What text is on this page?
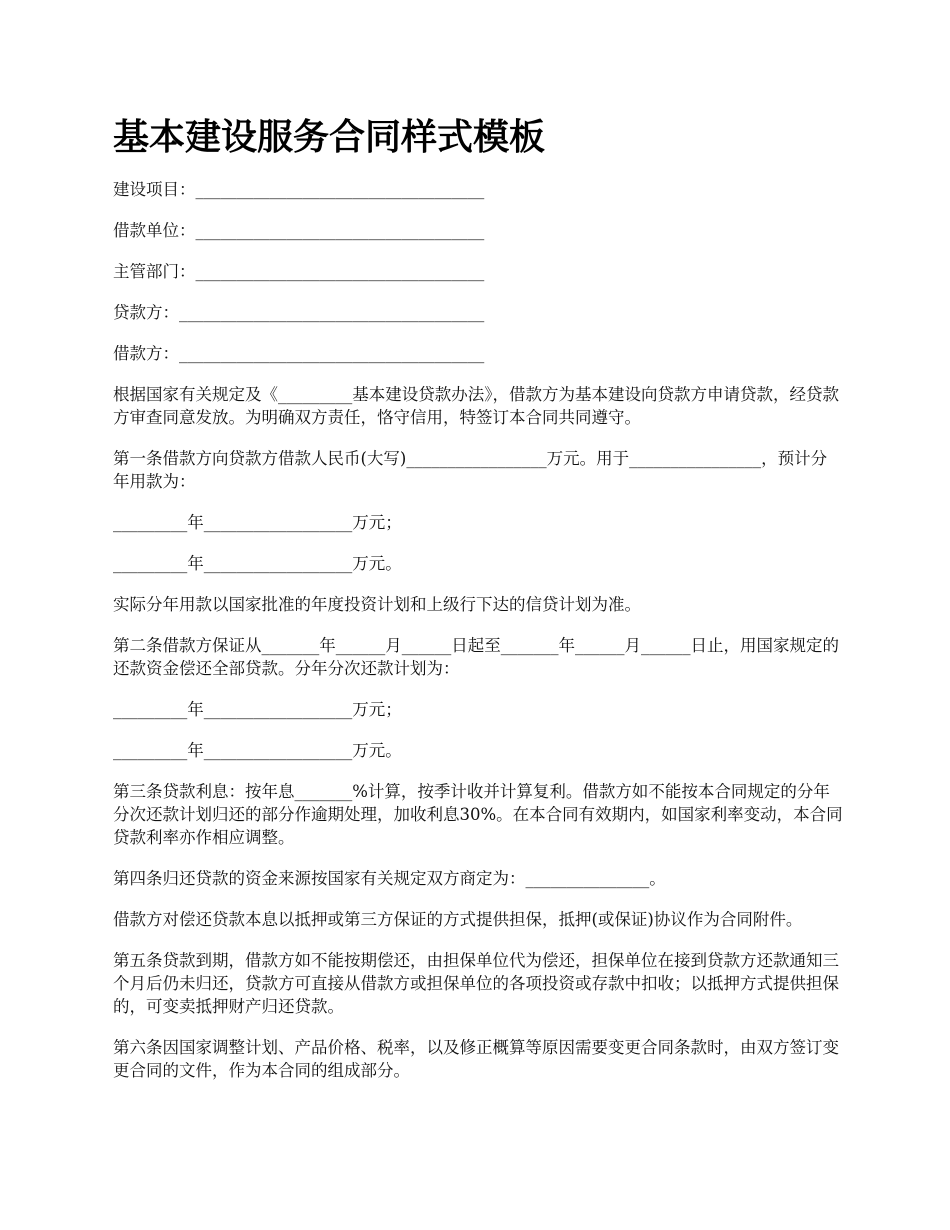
基本建设服务合同样式模板
建设项目：___________________________________
借款单位：___________________________________
主管部门：___________________________________
贷款方：_____________________________________
借款方：_____________________________________

根据国家有关规定及《_________基本建设贷款办法》，借款方为基本建设向贷款方申请贷款，经贷款方审查同意发放。为明确双方责任，恪守信用，特签订本合同共同遵守。

第一条借款方向贷款方借款人民币(大写)_________________万元。用于________________，预计分年用款为：

_________年__________________万元；

_________年__________________万元。

实际分年用款以国家批准的年度投资计划和上级行下达的信贷计划为准。

第二条借款方保证从_______年______月______日起至_______年______月______日止，用国家规定的还款资金偿还全部贷款。分年分次还款计划为：

_________年__________________万元；

_________年__________________万元。

第三条贷款利息：按年息_______%计算，按季计收并计算复利。借款方如不能按本合同规定的分年分次还款计划归还的部分作逾期处理，加收利息30%。在本合同有效期内，如国家利率变动，本合同贷款利率亦作相应调整。

第四条归还贷款的资金来源按国家有关规定双方商定为：_______________。

借款方对偿还贷款本息以抵押或第三方保证的方式提供担保，抵押(或保证)协议作为合同附件。

第五条贷款到期，借款方如不能按期偿还，由担保单位代为偿还，担保单位在接到贷款方还款通知三个月后仍未归还，贷款方可直接从借款方或担保单位的各项投资或存款中扣收；以抵押方式提供担保的，可变卖抵押财产归还贷款。

第六条因国家调整计划、产品价格、税率，以及修正概算等原因需要变更合同条款时，由双方签订变更合同的文件，作为本合同的组成部分。
